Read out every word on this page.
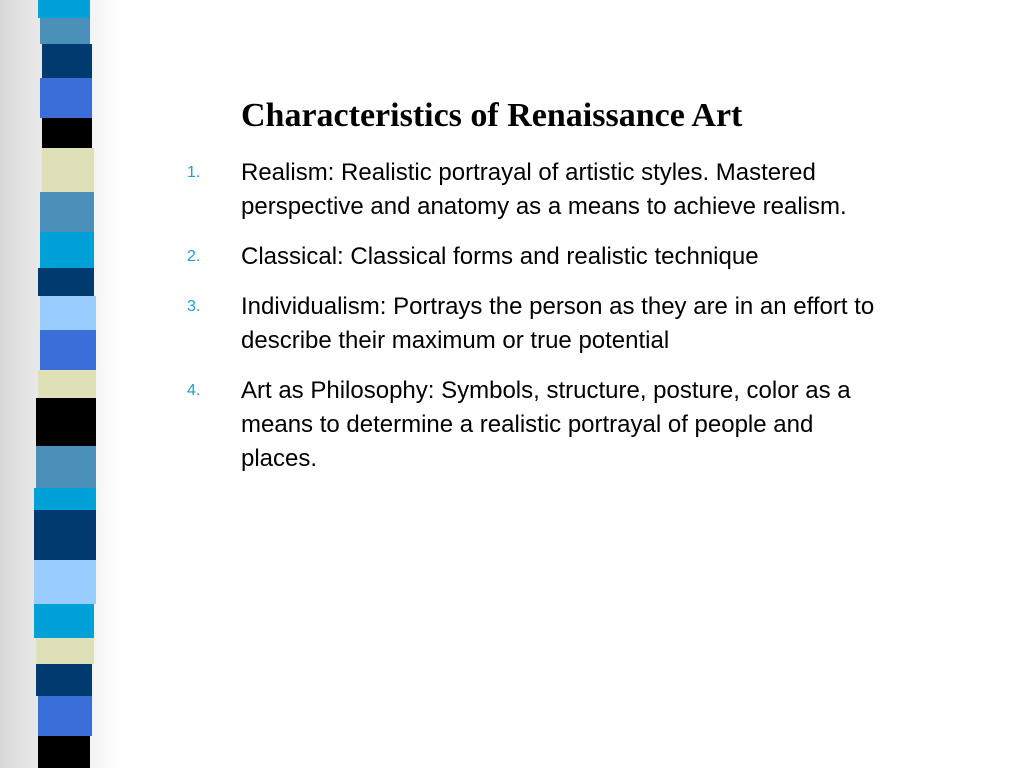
Characteristics of Renaissance Art
1. Realism: Realistic portrayal of artistic styles. Mastered perspective and anatomy as a means to achieve realism.
2. Classical: Classical forms and realistic technique
3. Individualism: Portrays the person as they are in an effort to describe their maximum or true potential
4. Art as Philosophy: Symbols, structure, posture, color as a means to determine a realistic portrayal of people and places.
